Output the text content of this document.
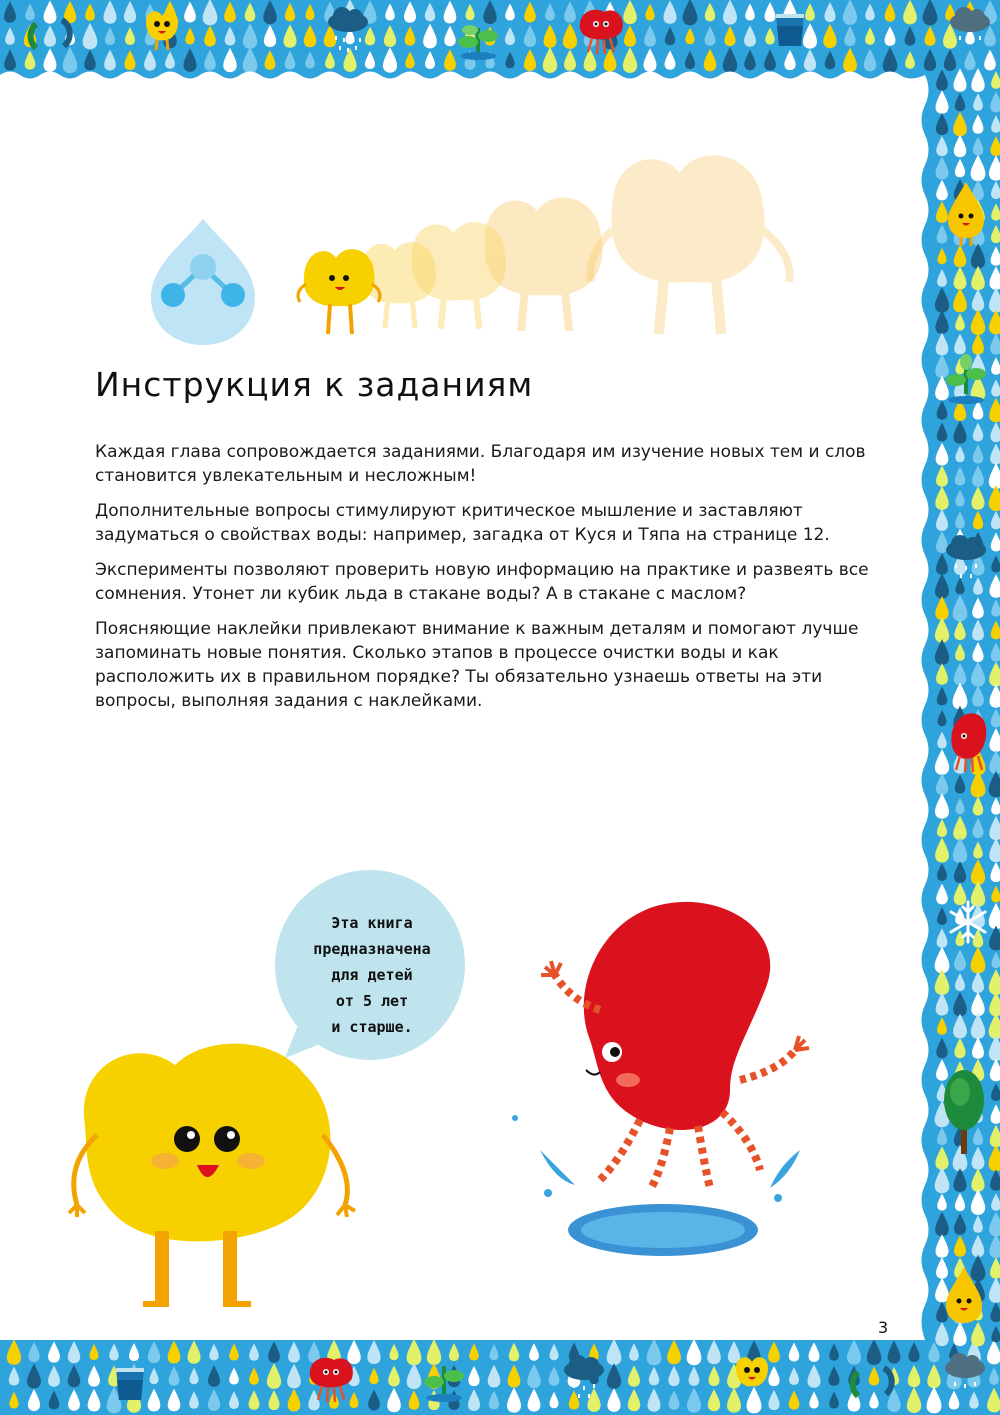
Инструкция к заданиям

Каждая глава сопровождается заданиями. Благодаря им изучение новых тем и слов становится увлекательным и несложным!

Дополнительные вопросы стимулируют критическое мышление и заставляют задуматься о свойствах воды: например, загадка от Куся и Тяпа на странице 12.

Эксперименты позволяют проверить новую информацию на практике и развеять все сомнения. Утонет ли кубик льда в стакане воды? А в стакане с маслом?

Поясняющие наклейки привлекают внимание к важным деталям и помогают лучше запоминать новые понятия. Сколько этапов в процессе очистки воды и как расположить их в правильном порядке? Ты обязательно узнаешь ответы на эти вопросы, выполняя задания с наклейками.

Эта книга
предназначена
для детей
от 5 лет
и старше.
3
